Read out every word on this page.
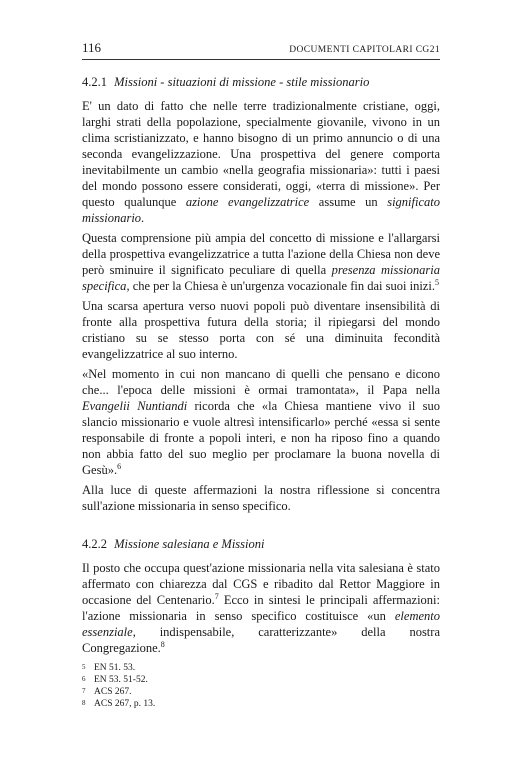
116	DOCUMENTI CAPITOLARI CG21

4.2.1 Missioni - situazioni di missione - stile missionario

E' un dato di fatto che nelle terre tradizionalmente cristiane, oggi, larghi strati della popolazione, specialmente giovanile, vivono in un clima scristianizzato, e hanno bisogno di un primo annuncio o di una seconda evangelizzazione. Una prospettiva del genere comporta inevitabilmente un cambio «nella geografia missionaria»: tutti i paesi del mondo possono essere considerati, oggi, «terra di missione». Per questo qualunque azione evangelizzatrice assume un significato missionario.

Questa comprensione più ampia del concetto di missione e l'allargarsi della prospettiva evangelizzatrice a tutta l'azione della Chiesa non deve però sminuire il significato peculiare di quella presenza missionaria specifica, che per la Chiesa è un'urgenza vocazionale fin dai suoi inizi.$^5$

Una scarsa apertura verso nuovi popoli può diventare insensibilità di fronte alla prospettiva futura della storia; il ripiegarsi del mondo cristiano su se stesso porta con sé una diminuita fecondità evangelizzatrice al suo interno.

«Nel momento in cui non mancano di quelli che pensano e dicono che... l'epoca delle missioni è ormai tramontata», il Papa nella Evangelii Nuntiandi ricorda che «la Chiesa mantiene vivo il suo slancio missionario e vuole altresì intensificarlo» perché «essa si sente responsabile di fronte a popoli interi, e non ha riposo fino a quando non abbia fatto del suo meglio per proclamare la buona novella di Gesù».$^6$

Alla luce di queste affermazioni la nostra riflessione si concentra sull'azione missionaria in senso specifico.

4.2.2 Missione salesiana e Missioni

Il posto che occupa quest'azione missionaria nella vita salesiana è stato affermato con chiarezza dal CGS e ribadito dal Rettor Maggiore in occasione del Centenario.$^7$ Ecco in sintesi le principali affermazioni: l'azione missionaria in senso specifico costituisce «un elemento essenziale, indispensabile, caratterizzante» della nostra Congregazione.$^8$

5 EN 51. 53.
6 EN 53. 51-52.
7 ACS 267.
8 ACS 267, p. 13.
